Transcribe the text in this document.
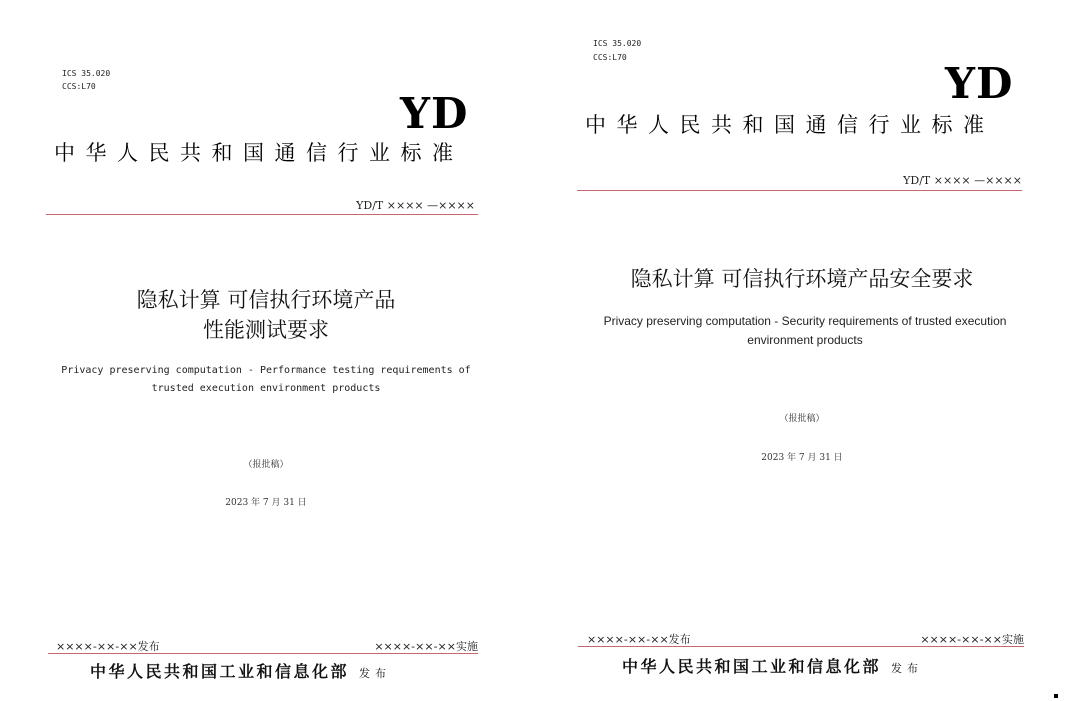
ICS 35.020
CCS:L70
YD
中华人民共和国通信行业标准
YD/T ×××× —××××
隐私计算 可信执行环境产品
性能测试要求
Privacy preserving computation - Performance testing requirements of trusted execution environment products
（报批稿）
2023 年 7 月 31 日
××××-××-××发布	××××-××-××实施
中华人民共和国工业和信息化部 发布
ICS 35.020
CCS:L70
YD
中华人民共和国通信行业标准
YD/T ×××× —××××
隐私计算 可信执行环境产品安全要求
Privacy preserving computation - Security requirements of trusted execution environment products
（报批稿）
2023 年 7 月 31 日
××××-××-××发布	××××-××-××实施
中华人民共和国工业和信息化部 发布
